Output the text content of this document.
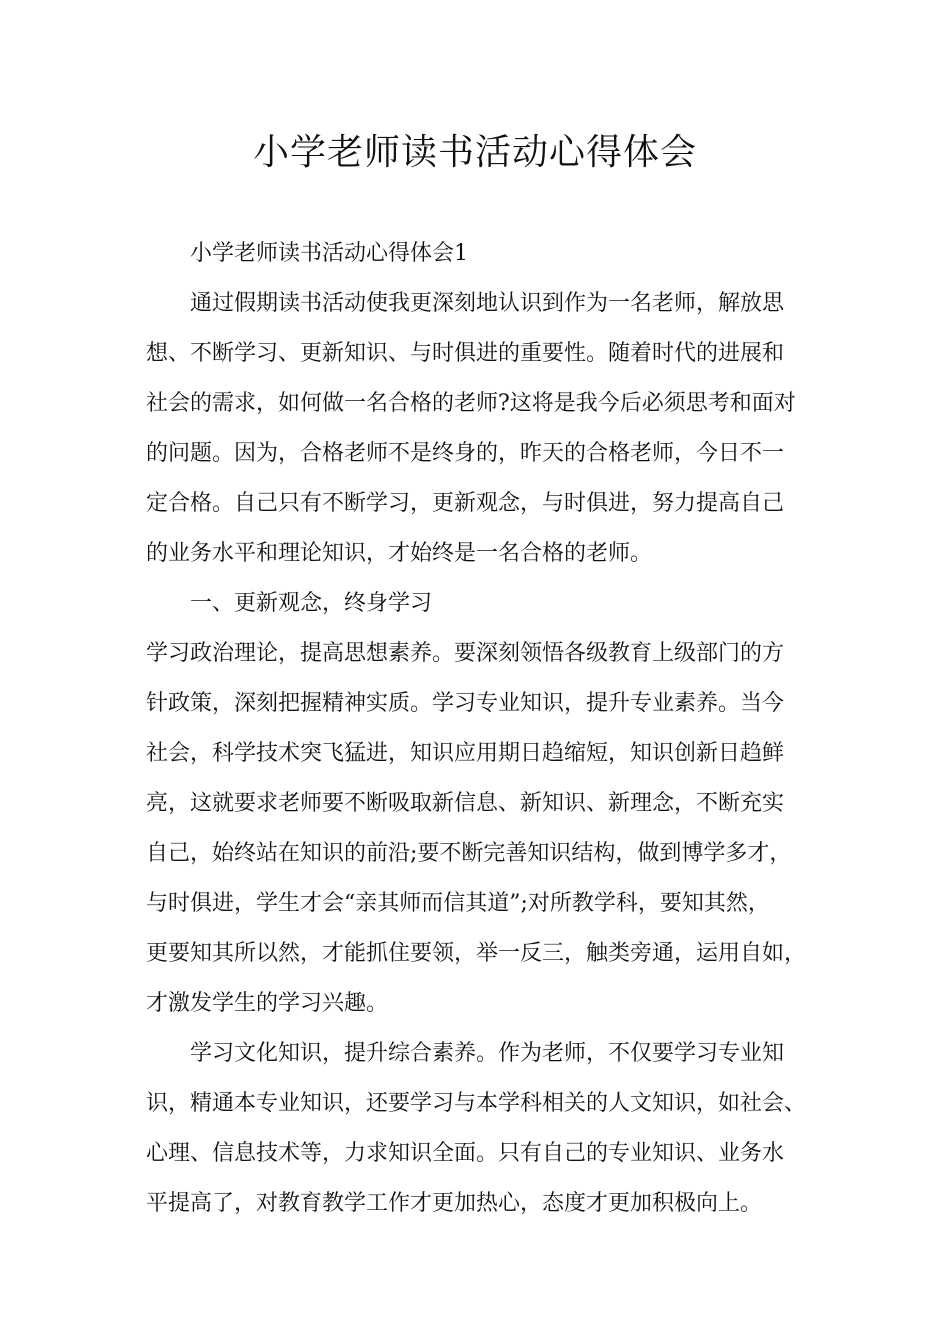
小学老师读书活动心得体会
小学老师读书活动心得体会1
通过假期读书活动使我更深刻地认识到作为一名老师，解放思
想、不断学习、更新知识、与时俱进的重要性。随着时代的进展和
社会的需求，如何做一名合格的老师?这将是我今后必须思考和面对
的问题。因为，合格老师不是终身的，昨天的合格老师，今日不一
定合格。自己只有不断学习，更新观念，与时俱进，努力提高自己
的业务水平和理论知识，才始终是一名合格的老师。
一、更新观念，终身学习
学习政治理论，提高思想素养。要深刻领悟各级教育上级部门的方
针政策，深刻把握精神实质。学习专业知识，提升专业素养。当今
社会，科学技术突飞猛进，知识应用期日趋缩短，知识创新日趋鲜
亮，这就要求老师要不断吸取新信息、新知识、新理念，不断充实
自己，始终站在知识的前沿;要不断完善知识结构，做到博学多才，
与时俱进，学生才会“亲其师而信其道”;对所教学科，要知其然，
更要知其所以然，才能抓住要领，举一反三，触类旁通，运用自如，
才激发学生的学习兴趣。
学习文化知识，提升综合素养。作为老师，不仅要学习专业知
识，精通本专业知识，还要学习与本学科相关的人文知识，如社会、
心理、信息技术等，力求知识全面。只有自己的专业知识、业务水
平提高了，对教育教学工作才更加热心，态度才更加积极向上。
